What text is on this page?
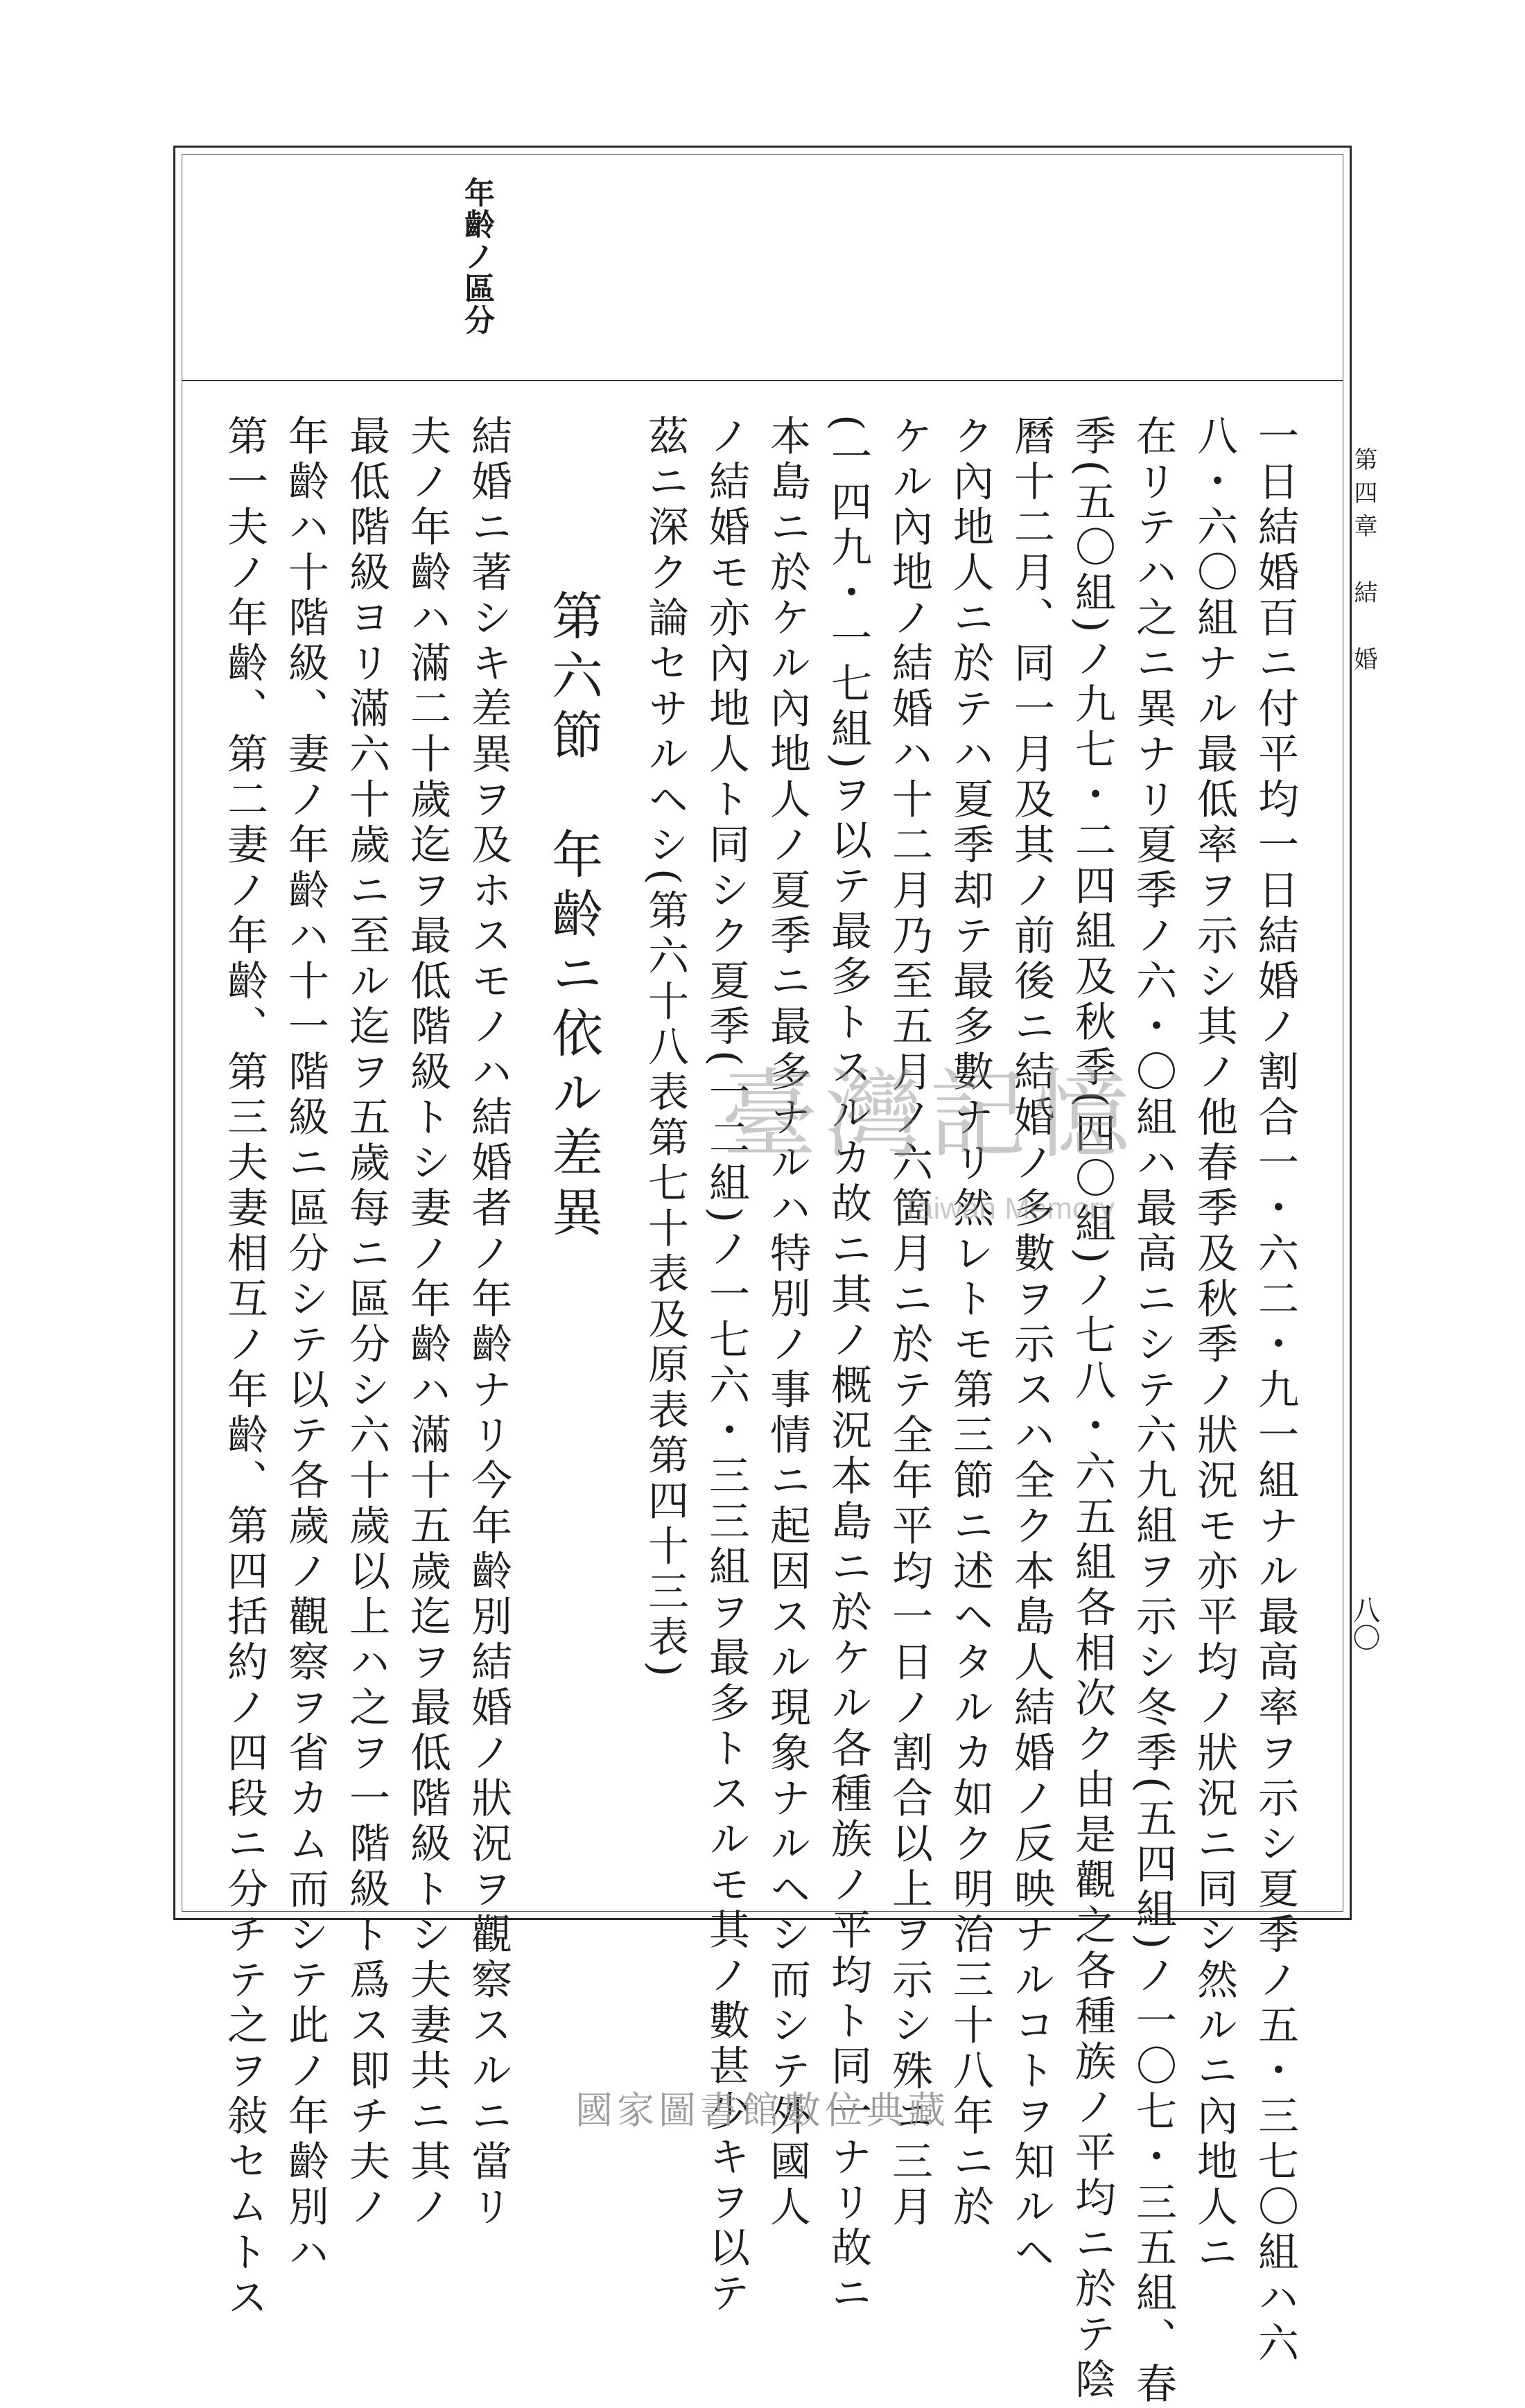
年齡ノ區分
第四章　結　婚
八〇
一日結婚百ニ付平均一日結婚ノ割合一・六二・九一組ナル最高率ヲ示シ夏季ノ五・三七〇組ハ六
八・六〇組ナル最低率ヲ示シ其ノ他春季及秋季ノ狀況モ亦平均ノ狀況ニ同シ然ルニ內地人ニ
在リテハ之ニ異ナリ夏季ノ六・〇組ハ最高ニシテ六九組ヲ示シ冬季(五四組)ノ一〇七・三五組、春
季(五〇組)ノ九七・二四組及秋季(四〇組)ノ七八・六五組各相次ク由是觀之各種族ノ平均ニ於テ陰
曆十二月、同一月及其ノ前後ニ結婚ノ多數ヲ示スハ全ク本島人結婚ノ反映ナルコトヲ知ルヘ
ク內地人ニ於テハ夏季却テ最多數ナリ然レトモ第三節ニ述ヘタルカ如ク明治三十八年ニ於
ケル內地ノ結婚ハ十二月乃至五月ノ六箇月ニ於テ全年平均一日ノ割合以上ヲ示シ殊ニ三月
(一四九・一七組)ヲ以テ最多トスルカ故ニ其ノ概況本島ニ於ケル各種族ノ平均ト同一ナリ故ニ
本島ニ於ケル內地人ノ夏季ニ最多ナルハ特別ノ事情ニ起因スル現象ナルヘシ而シテ外國人
ノ結婚モ亦內地人ト同シク夏季(一二組)ノ一七六・三三組ヲ最多トスルモ其ノ數甚少キヲ以テ
茲ニ深ク論セサルヘシ(第六十八表第七十表及原表第四十三表)
第六節　年齡ニ依ル差異
結婚ニ著シキ差異ヲ及ホスモノハ結婚者ノ年齡ナリ今年齡別結婚ノ狀況ヲ觀察スルニ當リ
夫ノ年齡ハ滿二十歲迄ヲ最低階級トシ妻ノ年齡ハ滿十五歲迄ヲ最低階級トシ夫妻共ニ其ノ
最低階級ヨリ滿六十歲ニ至ル迄ヲ五歲每ニ區分シ六十歲以上ハ之ヲ一階級ト爲ス即チ夫ノ
年齡ハ十階級、妻ノ年齡ハ十一階級ニ區分シテ以テ各歲ノ觀察ヲ省カム而シテ此ノ年齡別ハ
第一夫ノ年齡、第二妻ノ年齡、第三夫妻相互ノ年齡、第四括約ノ四段ニ分チテ之ヲ敍セムトス	臺灣記憶
Taiwan Memory
國家圖書館數位典藏
